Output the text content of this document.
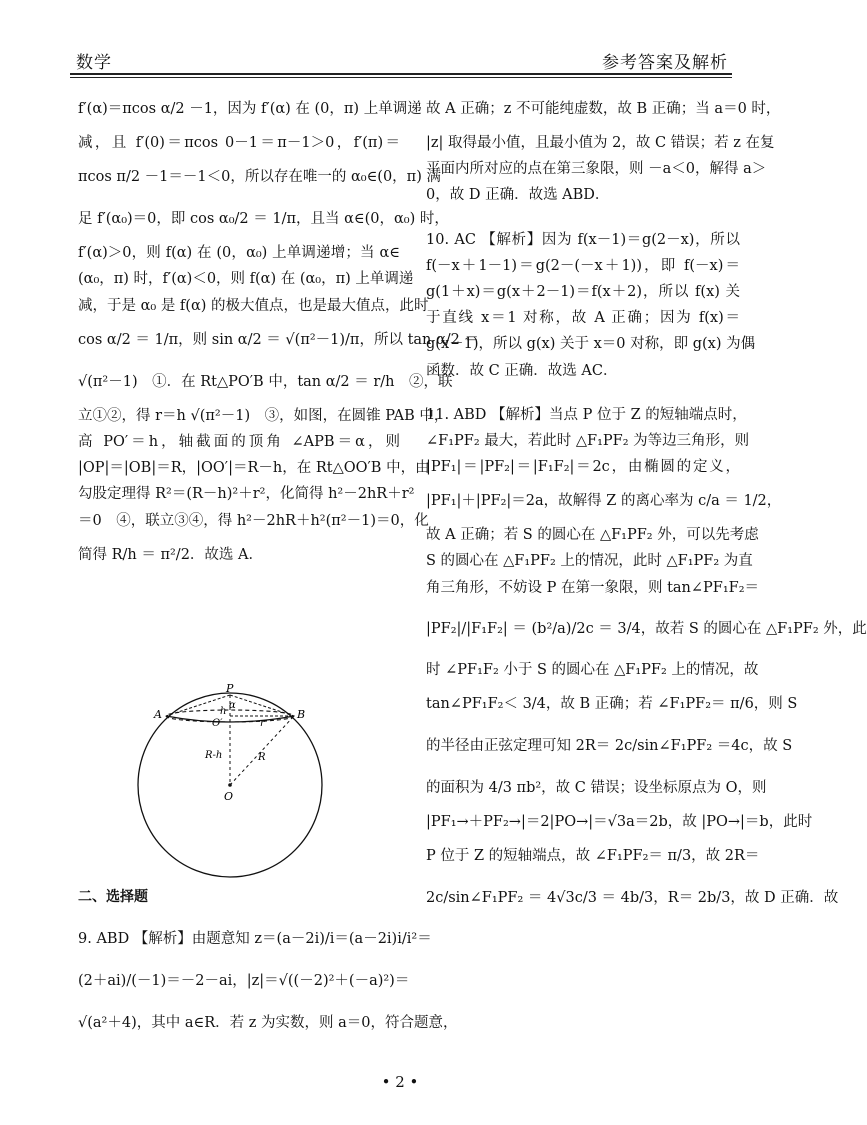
数学	参考答案及解析

f′(α)＝πcos α/2 －1，因为 f′(α) 在 (0，π) 上单调递

减，且 f′(0)＝πcos 0－1＝π－1＞0，f′(π)＝

πcos π/2 －1＝－1＜0，所以存在唯一的 α₀∈(0，π) 满

足 f′(α₀)＝0，即 cos α₀/2 ＝ 1/π，且当 α∈(0，α₀) 时，

f′(α)＞0，则 f(α) 在 (0，α₀) 上单调递增；当 α∈

(α₀，π) 时，f′(α)＜0，则 f(α) 在 (α₀，π) 上单调递

减，于是 α₀ 是 f(α) 的极大值点，也是最大值点，此时

cos α/2 ＝ 1/π，则 sin α/2 ＝ √(π²－1)/π，所以 tan α/2 ＝

√(π²－1)　①．在 Rt△PO′B 中，tan α/2 ＝ r/h　②，联

立①②，得 r＝h √(π²－1)　③，如图，在圆锥 PAB 中，

高 PO′＝h，轴截面的顶角 ∠APB＝α，则

|OP|＝|OB|＝R，|OO′|＝R－h，在 Rt△OO′B 中，由

勾股定理得 R²＝(R－h)²＋r²，化简得 h²－2hR＋r²

＝0　④，联立③④，得 h²－2hR＋h²(π²－1)＝0，化

简得 R/h ＝ π²/2．故选 A．

P
A	B
α
h
O′	r
R-h	R
O

二、选择题

9. ABD 【解析】由题意知 z＝(a－2i)/i＝(a－2i)i/i²＝

(2＋ai)/(－1)＝－2－ai，|z|＝√((－2)²＋(－a)²)＝

√(a²＋4)，其中 a∈R．若 z 为实数，则 a＝0，符合题意，

故 A 正确；z 不可能纯虚数，故 B 正确；当 a＝0 时，

|z| 取得最小值，且最小值为 2，故 C 错误；若 z 在复

平面内所对应的点在第三象限，则 －a＜0，解得 a＞

0，故 D 正确．故选 ABD．

10. AC 【解析】因为 f(x－1)＝g(2－x)，所以

f(－x＋1－1)＝g(2－(－x＋1))，即 f(－x)＝

g(1＋x)＝g(x＋2－1)＝f(x＋2)，所以 f(x) 关

于直线 x＝1 对称，故 A 正确；因为 f(x)＝

g(x－1)，所以 g(x) 关于 x＝0 对称，即 g(x) 为偶

函数．故 C 正确．故选 AC．

11. ABD 【解析】当点 P 位于 Z 的短轴端点时，

∠F₁PF₂ 最大，若此时 △F₁PF₂ 为等边三角形，则

|PF₁|＝|PF₂|＝|F₁F₂|＝2c，由椭圆的定义，

|PF₁|＋|PF₂|＝2a，故解得 Z 的离心率为 c/a ＝ 1/2，

故 A 正确；若 S 的圆心在 △F₁PF₂ 外，可以先考虑

S 的圆心在 △F₁PF₂ 上的情况，此时 △F₁PF₂ 为直

角三角形，不妨设 P 在第一象限，则 tan∠PF₁F₂＝

|PF₂|/|F₁F₂| ＝ (b²/a)/2c ＝ 3/4，故若 S 的圆心在 △F₁PF₂ 外，此

时 ∠PF₁F₂ 小于 S 的圆心在 △F₁PF₂ 上的情况，故

tan∠PF₁F₂＜ 3/4，故 B 正确；若 ∠F₁PF₂＝ π/6，则 S

的半径由正弦定理可知 2R＝ 2c/sin∠F₁PF₂ ＝4c，故 S

的面积为 4/3 πb²，故 C 错误；设坐标原点为 O，则

|PF₁→＋PF₂→|＝2|PO→|＝√3a＝2b，故 |PO→|＝b，此时

P 位于 Z 的短轴端点，故 ∠F₁PF₂＝ π/3，故 2R＝

2c/sin∠F₁PF₂ ＝ 4√3c/3 ＝ 4b/3，R＝ 2b/3，故 D 正确．故

• 2 •
